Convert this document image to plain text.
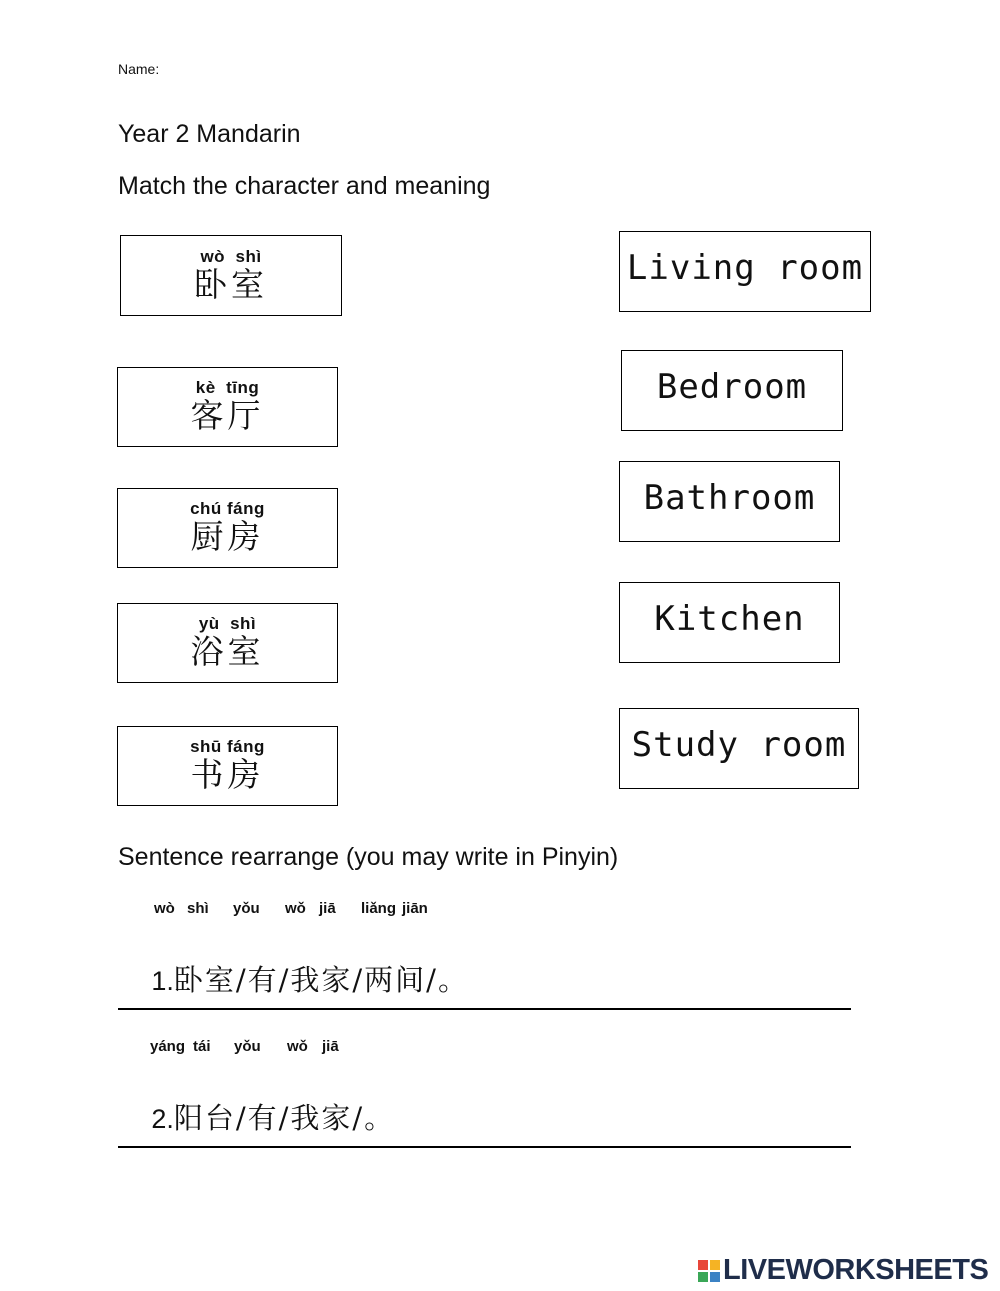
Name:
Year 2 Mandarin
Match the character and meaning
wò  shì
卧室
kè  tīng
客厅
chú fáng
厨房
yù  shì
浴室
shū fáng
书房
Living room
Bedroom
Bathroom
Kitchen
Study room
Sentence rearrange (you may write in Pinyin)
wò shì yǒu wǒ jiā liǎng jiān

1.卧室/有/我家/两间/。

yáng tái yǒu wǒ jiā

2.阳台/有/我家/。

LIVEWORKSHEETS
